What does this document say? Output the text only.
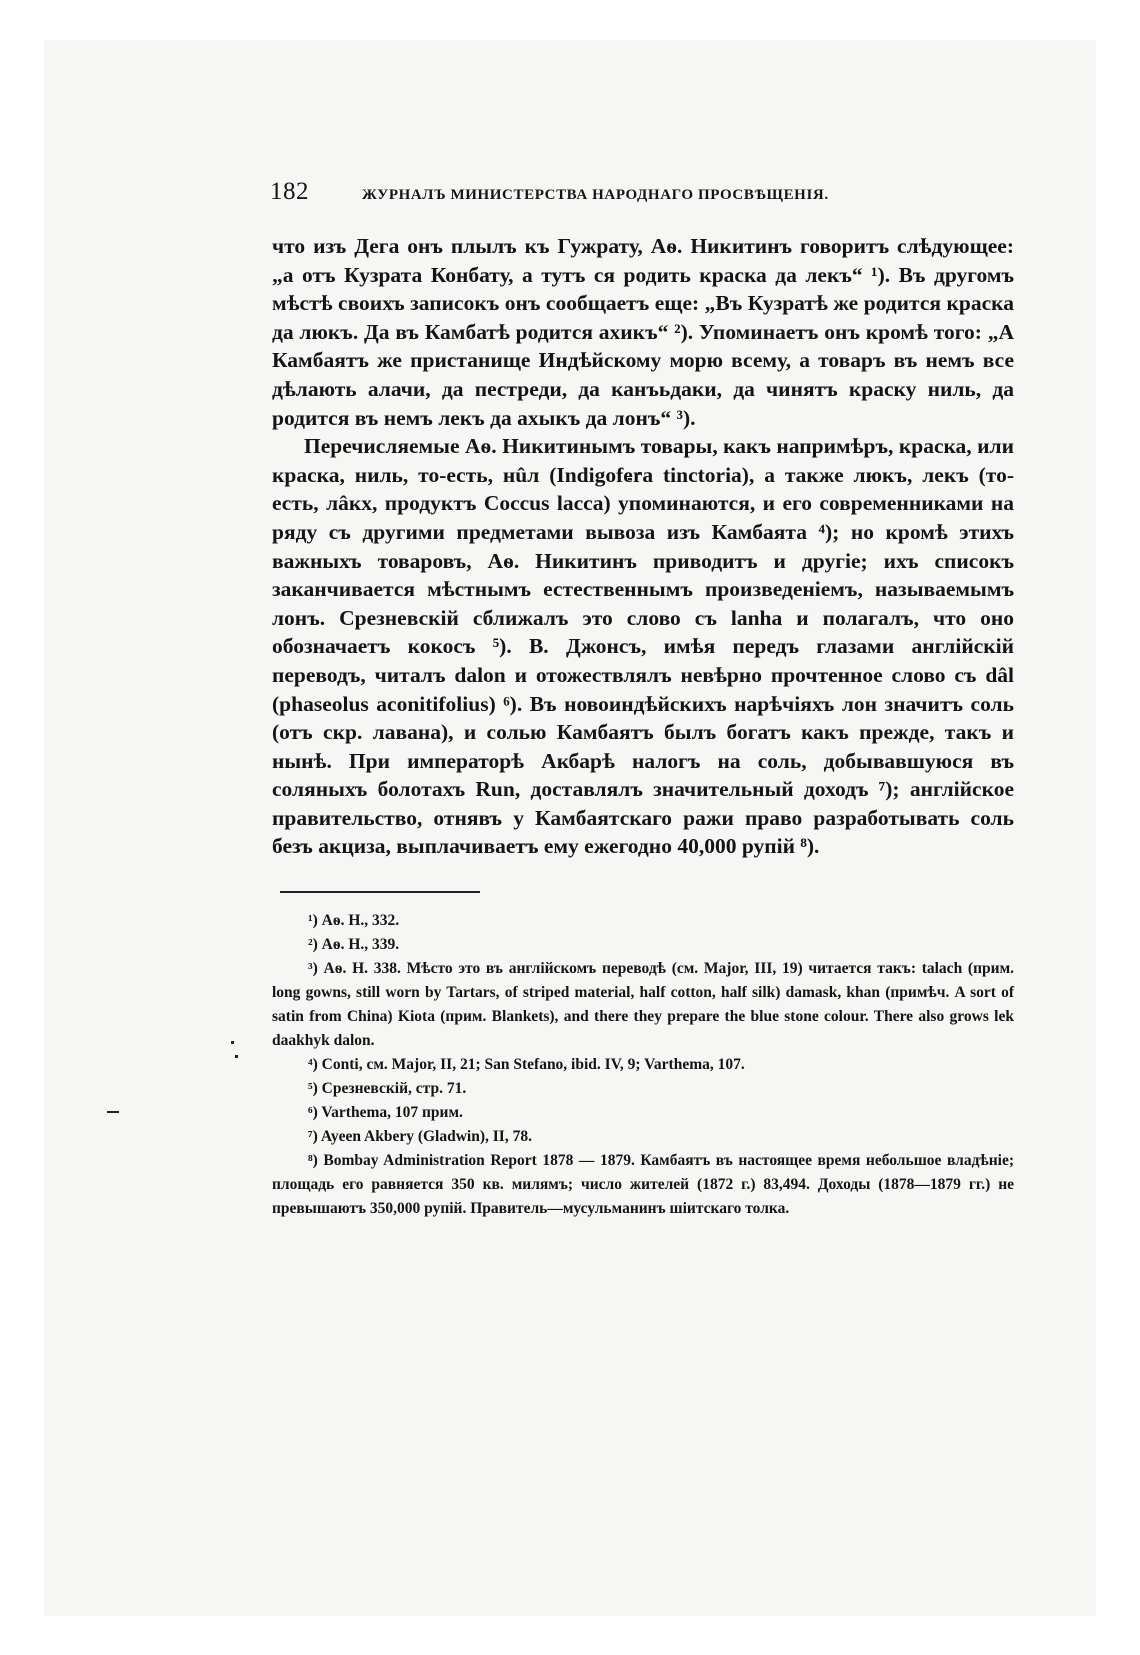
182	ЖУРНАЛЪ МИНИСТЕРСТВА НАРОДНАГО ПРОСВѢЩЕНІЯ.

что изъ Дега онъ плылъ къ Гужрату, Аѳ. Никитинъ говоритъ слѣдующее: „а отъ Кузрата Конбату, а тутъ ся родить краска да лекъ“ ¹). Въ другомъ мѣстѣ своихъ записокъ онъ сообщаетъ еще: „Въ Кузратѣ же родится краска да люкъ. Да въ Камбатѣ родится ахикъ“ ²). Упоминаетъ онъ кромѣ того: „А Камбаятъ же пристанище Индѣйскому морю всему, а товаръ въ немъ все дѣлають алачи, да пестреди, да канъьдаки, да чинятъ краску ниль, да родится въ немъ лекъ да ахыкъ да лонъ“ ³).

Перечисляемые Аѳ. Никитинымъ товары, какъ напримѣръ, краска, или краска, ниль, то-есть, нûл (Indigofera tinctoria), а также люкъ, лекъ (то-есть, лâкх, продуктъ Coccus lacca) упоминаются, и его современниками на ряду съ другими предметами вывоза изъ Камбаята ⁴); но кромѣ этихъ важныхъ товаровъ, Аѳ. Никитинъ приводитъ и другіе; ихъ списокъ заканчивается мѣстнымъ естественнымъ произведеніемъ, называемымъ лонъ. Срезневскій сближалъ это слово съ lanha и полагалъ, что оно обозначаетъ кокосъ ⁵). В. Джонсъ, имѣя передъ глазами англійскій переводъ, читалъ dalon и отожествлялъ невѣрно прочтенное слово съ dâl (phaseolus aconitifolius) ⁶). Въ новоиндѣйскихъ нарѣчіяхъ лон значитъ соль (отъ скр. лавана), и солью Камбаятъ былъ богатъ какъ прежде, такъ и нынѣ. При императорѣ Акбарѣ налогъ на соль, добывавшуюся въ соляныхъ болотахъ Run, доставлялъ значительный доходъ ⁷); англійское правительство, отнявъ у Камбаятскаго ражи право разработывать соль безъ акциза, выплачиваетъ ему ежегодно 40,000 рупій ⁸).

¹) Аѳ. Н., 332.

²) Аѳ. Н., 339.

³) Аѳ. Н. 338. Мѣсто это въ англійскомъ переводѣ (см. Major, III, 19) читается такъ: talach (прим. long gowns, still worn by Tartars, of striped material, half cotton, half silk) damask, khan (примѣч. A sort of satin from China) Kiota (прим. Blankets), and there they prepare the blue stone colour. There also grows lek daakhyk dalon.

⁴) Conti, см. Major, II, 21; San Stefano, ibid. IV, 9; Varthema, 107.

⁵) Срезневскій, стр. 71.

⁶) Varthema, 107 прим.

⁷) Ayeen Akbery (Gladwin), II, 78.

⁸) Bombay Administration Report 1878 — 1879. Камбаятъ въ настоящее время небольшое владѣніе; площадь его равняется 350 кв. милямъ; число жителей (1872 г.) 83,494. Доходы (1878—1879 гг.) не превышаютъ 350,000 рупій. Правитель—мусульманинъ шіитскаго толка.
